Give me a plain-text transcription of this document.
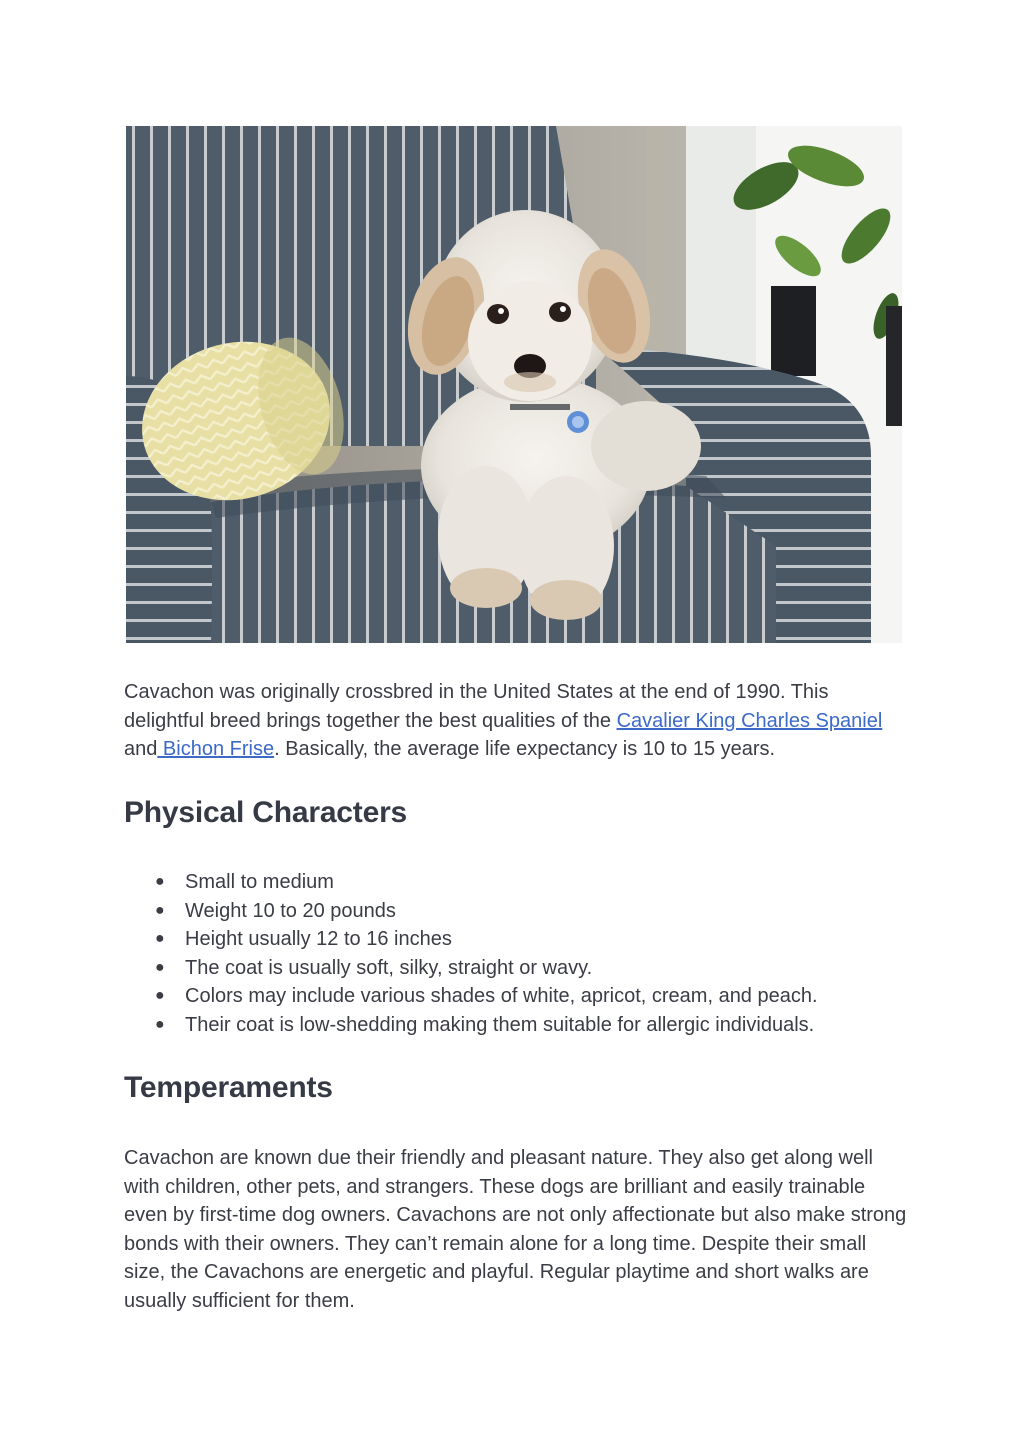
Cavachon was originally crossbred in the United States at the end of 1990. This delightful breed brings together the best qualities of the Cavalier King Charles Spaniel and Bichon Frise. Basically, the average life expectancy is 10 to 15 years.

Physical Characters
● Small to medium
● Weight 10 to 20 pounds
● Height usually 12 to 16 inches
● The coat is usually soft, silky, straight or wavy.
● Colors may include various shades of white, apricot, cream, and peach.
● Their coat is low-shedding making them suitable for allergic individuals.
Temperaments

Cavachon are known due their friendly and pleasant nature. They also get along well with children, other pets, and strangers. These dogs are brilliant and easily trainable even by first-time dog owners. Cavachons are not only affectionate but also make strong bonds with their owners. They can’t remain alone for a long time. Despite their small size, the Cavachons are energetic and playful. Regular playtime and short walks are usually sufficient for them.
